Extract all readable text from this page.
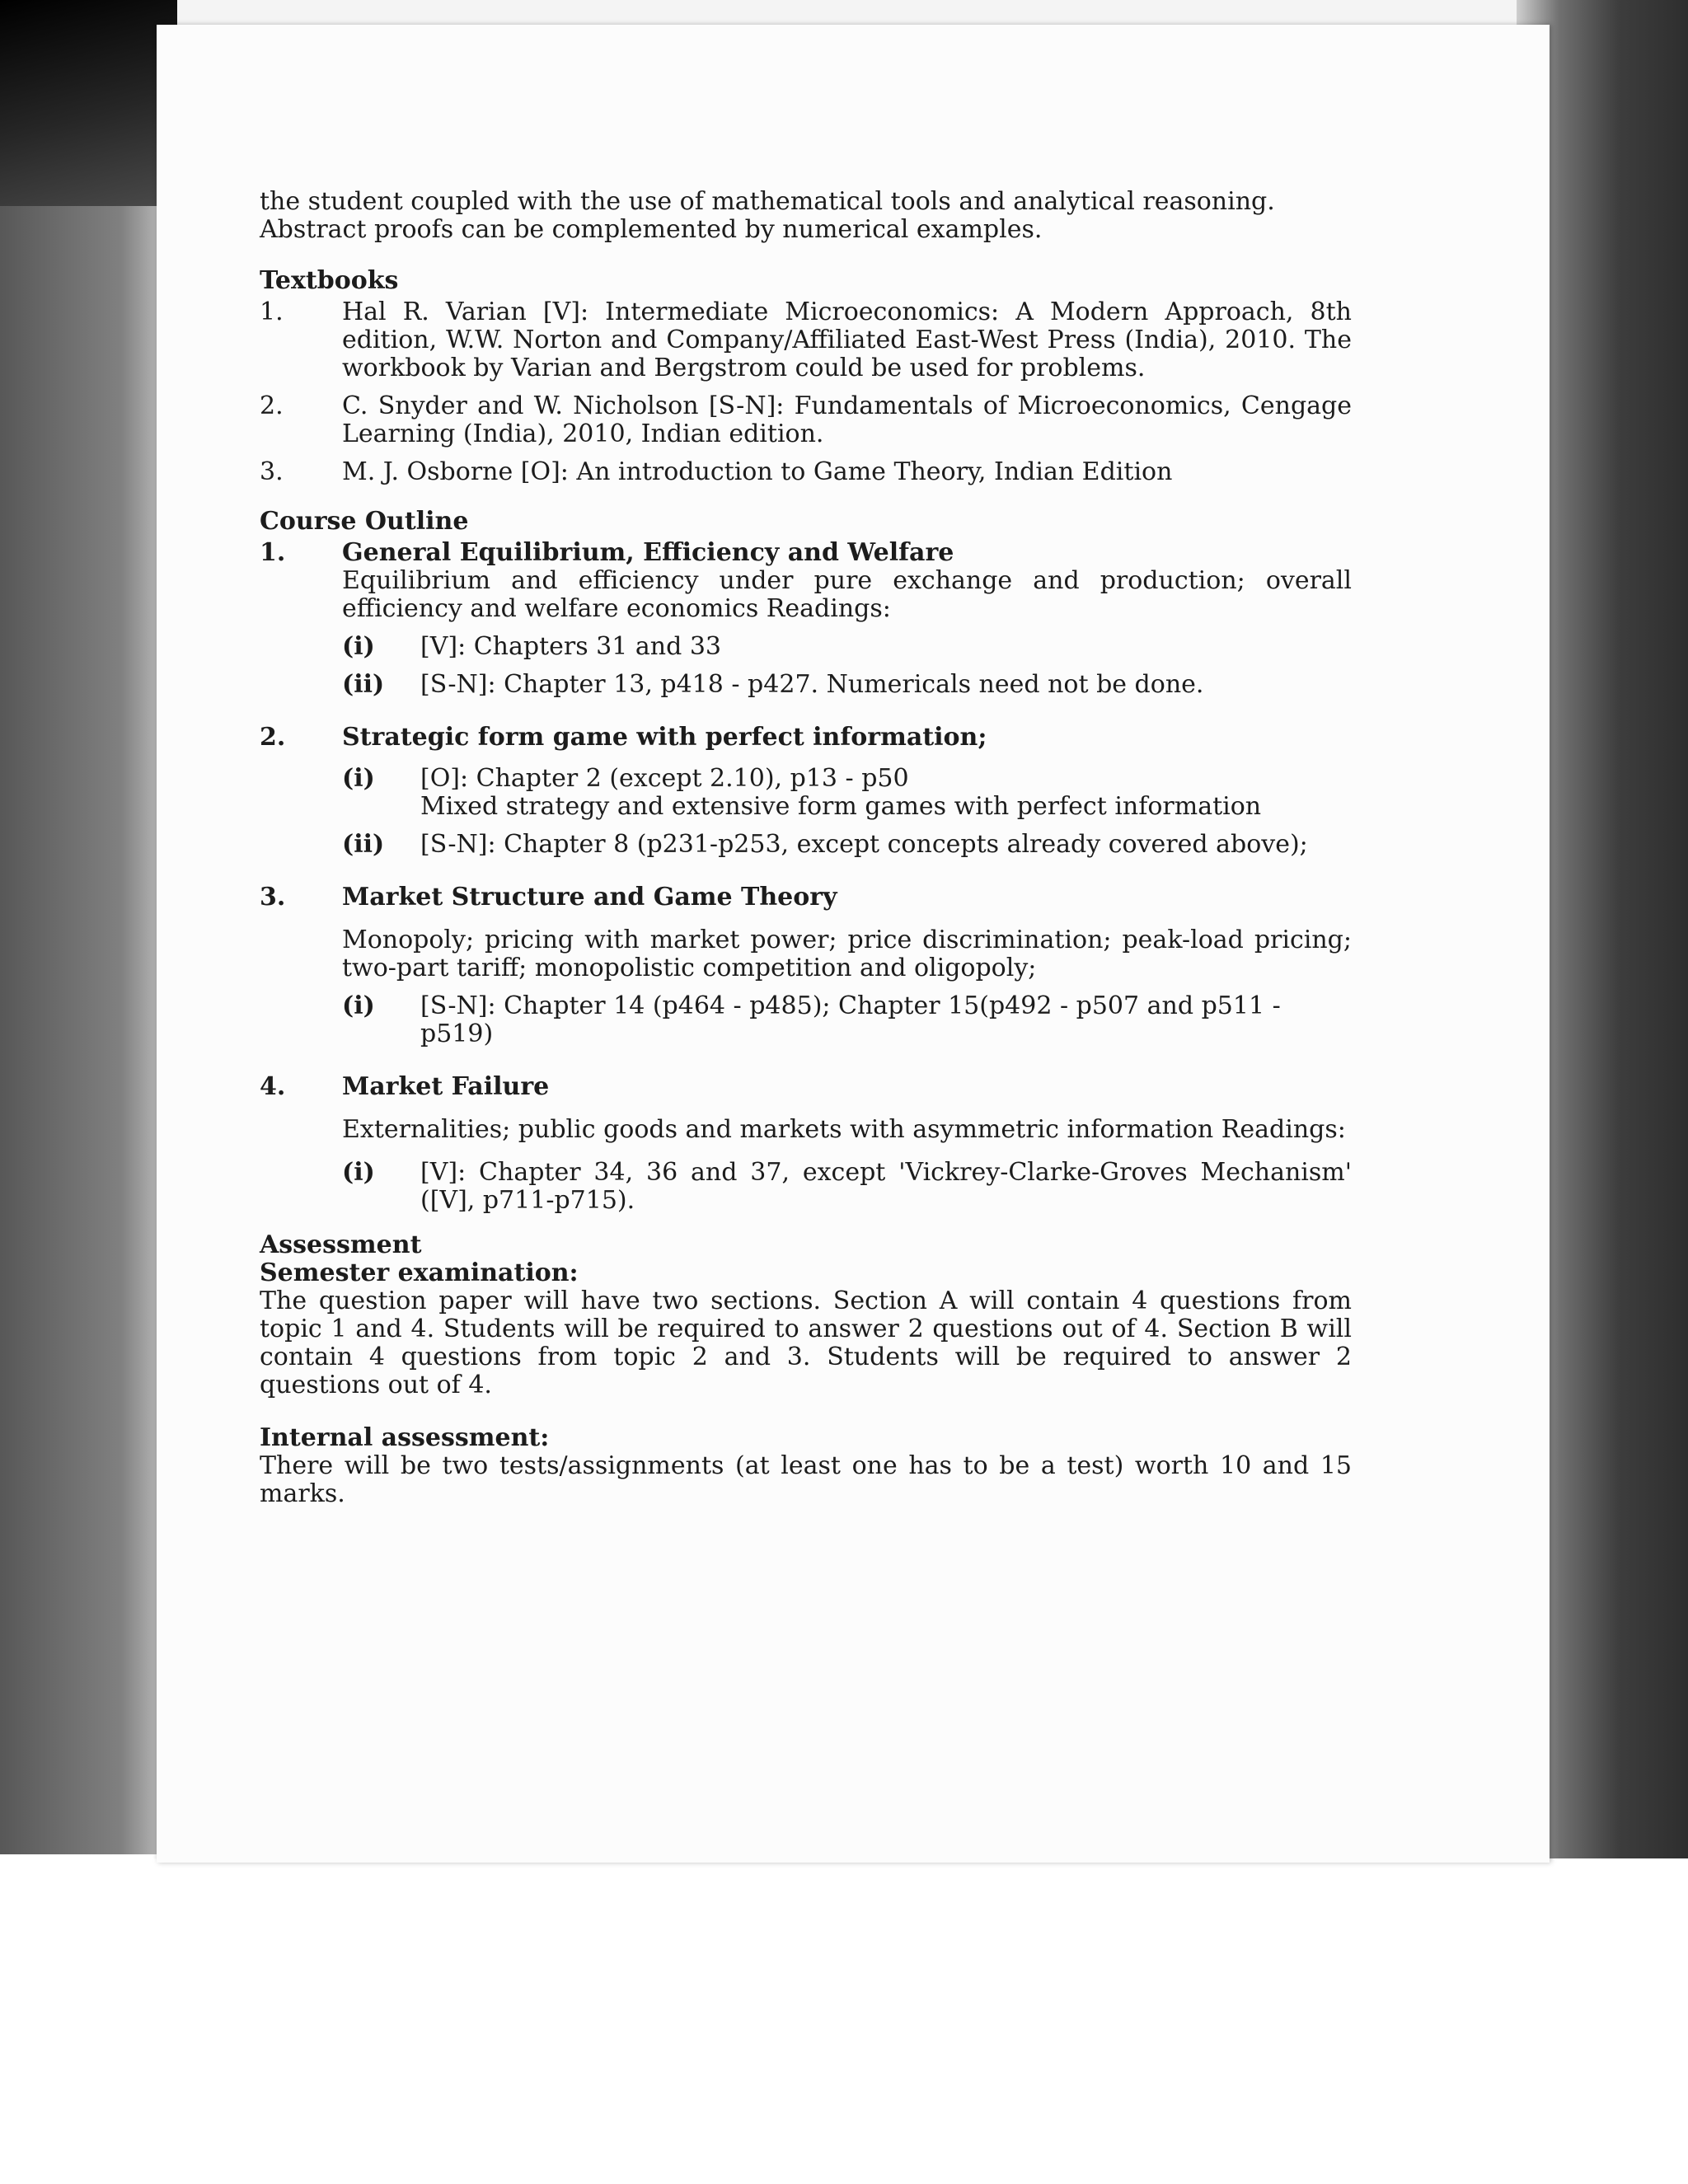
the student coupled with the use of mathematical tools and analytical reasoning.

Abstract proofs can be complemented by numerical examples.

Textbooks

1.	Hal R. Varian [V]: Intermediate Microeconomics: A Modern Approach, 8th edition, W.W. Norton and Company/Affiliated East-West Press (India), 2010. The workbook by Varian and Bergstrom could be used for problems.
2.	C. Snyder and W. Nicholson [S-N]: Fundamentals of Microeconomics, Cengage Learning (India), 2010, Indian edition.
3.	M. J. Osborne [O]: An introduction to Game Theory, Indian Edition

Course Outline

1.	General Equilibrium, Efficiency and Welfare

Equilibrium and efficiency under pure exchange and production; overall efficiency and welfare economics Readings:

(i)	[V]: Chapters 31 and 33
(ii)	[S-N]: Chapter 13, p418 - p427. Numericals need not be done.
2.	Strategic form game with perfect information;

(i)	[O]: Chapter 2 (except 2.10), p13 - p50
Mixed strategy and extensive form games with perfect information
(ii)	[S-N]: Chapter 8 (p231-p253, except concepts already covered above);
3.	Market Structure and Game Theory

Monopoly; pricing with market power; price discrimination; peak-load pricing; two-part tariff; monopolistic competition and oligopoly;

(i)	[S-N]: Chapter 14 (p464 - p485); Chapter 15(p492 - p507 and p511 - p519)
4.	Market Failure

Externalities; public goods and markets with asymmetric information Readings:

(i)	[V]: Chapter 34, 36 and 37, except 'Vickrey-Clarke-Groves Mechanism' ([V], p711-p715).

Assessment

Semester examination:

The question paper will have two sections. Section A will contain 4 questions from topic 1 and 4. Students will be required to answer 2 questions out of 4. Section B will contain 4 questions from topic 2 and 3. Students will be required to answer 2 questions out of 4.

Internal assessment:

There will be two tests/assignments (at least one has to be a test) worth 10 and 15 marks.
